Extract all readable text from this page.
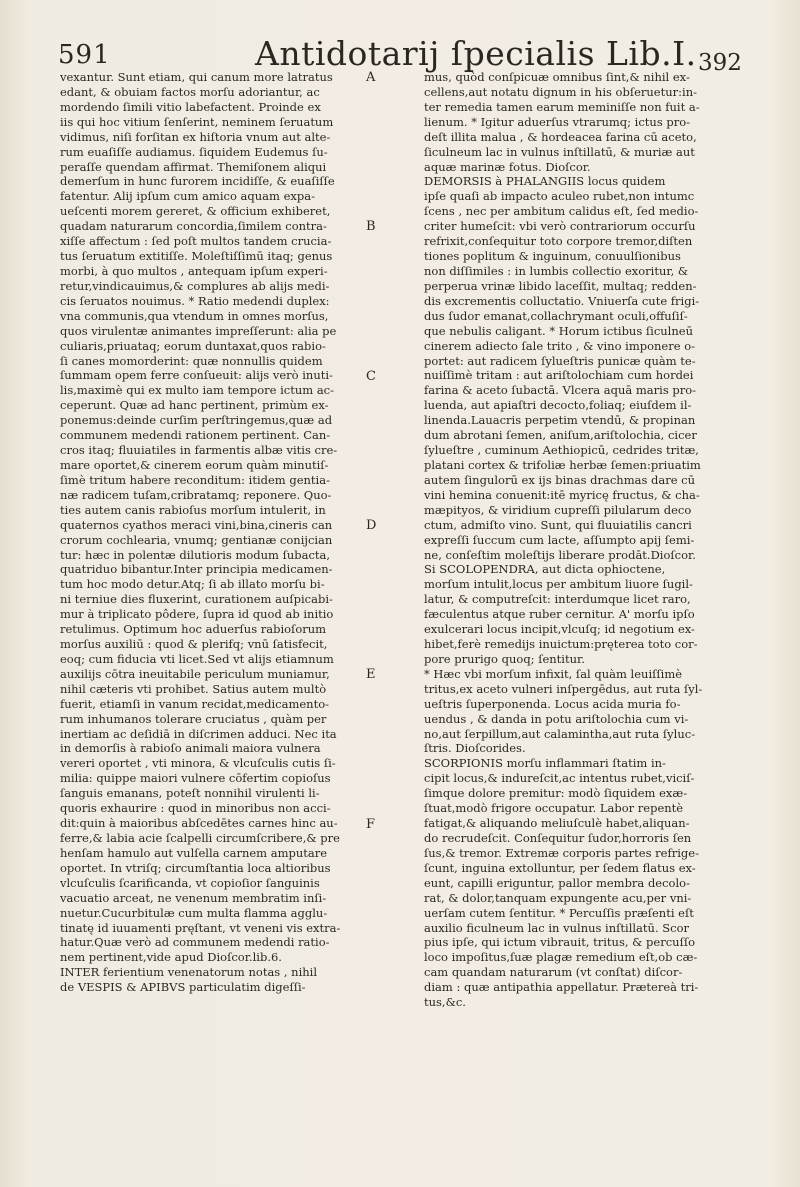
591	Antidotarij ſpecialis Lib.I. 392
vexantur. Sunt etiam, qui canum more latratus
edant, & obuiam factos morſu adoriantur, ac
mordendo ſimili vitio labefactent. Proinde ex
iis qui hoc vitium ſenſerint, neminem ſeruatum
vidimus, niſi forſitan ex hiſtoria vnum aut alte-
rum euaſiſſe audiamus. ſiquidem Eudemus ſu-
peraſſe quendam affirmat. Themiſonem aliqui
demerſum in hunc furorem incidiſſe, & euaſiſſe
fatentur. Alij ipſum cum amico aquam expa-
ueſcenti morem gereret, & officium exhiberet,
quadam naturarum concordia,ſimilem contra-
xiſſe affectum : ſed poſt multos tandem crucia-
tus ſeruatum extitiſſe. Moleſtiſſimū itaq; genus
morbi, à quo multos , antequam ipſum experi-
retur,vindicauimus,& complures ab alijs medi-
cis ſeruatos nouimus. * Ratio medendi duplex:
vna communis,qua vtendum in omnes morſus,
quos virulentæ animantes impreſſerunt: alia pe
culiaris,priuataq; eorum duntaxat,quos rabio-
ſi canes momorderint: quæ nonnullis quidem
ſummam opem ferre conſueuit: alijs verò inuti-
lis,maximè qui ex multo iam tempore ictum ac-
ceperunt. Quæ ad hanc pertinent, primùm ex-
ponemus:deinde curſim perſtringemus,quæ ad
communem medendi rationem pertinent. Can-
cros itaq; fluuiatiles in farmentis albæ vitis cre-
mare oportet,& cinerem eorum quàm minutiſ-
ſimè tritum habere reconditum: itidem gentia-
næ radicem tuſam,cribratamq; reponere. Quo-
ties autem canis rabioſus morſum intulerit, in
quaternos cyathos meraci vini,bina,cineris can
crorum cochlearia, vnumq; gentianæ conijcian
tur: hæc in polentæ dilutioris modum ſubacta,
quatriduo bibantur.Inter principia medicamen-
tum hoc modo detur.Atq; ſi ab illato morſu bi-
ni terniue dies fluxerint, curationem auſpicabi-
mur à triplicato pôdere, ſupra id quod ab initio
retulimus. Optimum hoc aduerſus rabioſorum
morſus auxiliū : quod & plerifq; vnū ſatisfecit,
eoq; cum fiducia vti licet.Sed vt alijs etiamnum
auxilijs cōtra ineuitabile periculum muniamur,
nihil cæteris vti prohibet. Satius autem multò
fuerit, etiamſi in vanum recidat,medicamento-
rum inhumanos tolerare cruciatus , quàm per
inertiam ac deſidiā in diſcrimen adduci. Nec ita
in demorſis à rabioſo animali maiora vulnera
vereri oportet , vti minora, & vlcuſculis cutis ſi-
milia: quippe maiori vulnere cōfertim copioſus
ſanguis emanans, poteſt nonnihil virulenti li-
quoris exhaurire : quod in minoribus non acci-
dit:quin à maioribus abſcedētes carnes hinc au-
ferre,& labia acie ſcalpelli circumſcribere,& pre
henſam hamulo aut vulſella carnem amputare
oportet. In vtriſq; circumſtantia loca altioribus
vlcuſculis ſcarificanda, vt copioſior ſanguinis
vacuatio arceat, ne venenum membratim inſi-
nuetur.Cucurbitulæ cum multa flamma agglu-
tinatę id iuuamenti pręſtant, vt veneni vis extra-
hatur.Quæ verò ad communem medendi ratio-
nem pertinent,vide apud Dioſcor.lib.6.
INTER ferientium venenatorum notas , nihil
de VESPIS & APIBVS particulatim digeſſi-
A
B
C
D
E
F
mus, quòd conſpicuæ omnibus ſint,& nihil ex-
cellens,aut notatu dignum in his obſeruetur:in-
ter remedia tamen earum meminiſſe non fuit a-
lienum. * Igitur aduerſus vtrarumq; ictus pro-
deſt illita malua , & hordeacea farina cū aceto,
ſiculneum lac in vulnus inſtillatū, & muriæ aut
aquæ marinæ fotus. Dioſcor.
DEMORSIS à PHALANGIIS locus quidem
ipſe quaſi ab impacto aculeo rubet,non intumc
ſcens , nec per ambitum calidus eſt, ſed medio-
criter humeſcit: vbi verò contrariorum occurſu
refrixit,conſequitur toto corpore tremor,diſten
tiones poplitum & inguinum, conuulſionibus
non diſſimiles : in lumbis collectio exoritur, &
perperua vrinæ libido laceſſit, multaq; redden-
dis excrementis colluctatio. Vniuerſa cute frigi-
dus ſudor emanat,collachrymant oculi,offuſiſ-
que nebulis caligant. * Horum ictibus ſiculneū
cinerem adiecto ſale trito , & vino imponere o-
portet: aut radicem ſylueſtris punicæ quàm te-
nuiſſimè tritam : aut ariſtolochiam cum hordei
farina & aceto ſubactā. Vlcera aquā maris pro-
luenda, aut apiaſtri decocto,foliaq; eiuſdem il-
linenda.Lauacris perpetim vtendū, & propinan
dum abrotani ſemen, aniſum,ariſtolochia, cicer
ſylueſtre , cuminum Aethiopicū, cedrides tritæ,
platani cortex & trifoliæ herbæ ſemen:priuatim
autem ſingulorū ex ijs binas drachmas dare cū
vini hemina conuenit:itē myricę fructus, & cha-
mæpityos, & viridium cupreſſi pilularum deco
ctum, admiſto vino. Sunt, qui fluuiatilis cancri
expreſſi ſuccum cum lacte, aſſumpto apij ſemi-
ne, conſeſtim moleſtijs liberare prodāt.Dioſcor.
Si SCOLOPENDRA, aut dicta ophioctene,
morſum intulit,locus per ambitum liuore ſugil-
latur, & computreſcit: interdumque licet raro,
fæculentus atque ruber cernitur. A' morſu ipſo
exulcerari locus incipit,vlcuſq; id negotium ex-
hibet,ferè remedijs inuictum:pręterea toto cor-
pore prurigo quoq; ſentitur.
* Hæc vbi morſum infixit, ſal quàm leuiſſimè
tritus,ex aceto vulneri inſpergēdus, aut ruta ſyl-
ueſtris ſuperponenda. Locus acida muria fo-
uendus , & danda in potu ariſtolochia cum vi-
no,aut ſerpillum,aut calamintha,aut ruta ſyluc-
ſtris. Dioſcorides.
SCORPIONIS morſu inflammari ſtatim in-
cipit locus,& indureſcit,ac intentus rubet,viciſ-
ſimque dolore premitur: modò ſiquidem exæ-
ſtuat,modò frigore occupatur. Labor repentè
fatigat,& aliquando meliuſculè habet,aliquan-
do recrudeſcit. Conſequitur ſudor,horroris ſen
ſus,& tremor. Extremæ corporis partes refrige-
ſcunt, inguina extolluntur, per ſedem flatus ex-
eunt, capilli eriguntur, pallor membra decolo-
rat, & dolor,tanquam expungente acu,per vni-
uerſam cutem ſentitur. * Percuſſis præſenti eſt
auxilio ficulneum lac in vulnus inſtillatū. Scor
pius ipſe, qui ictum vibrauit, tritus, & percuſſo
loco impoſitus,ſuæ plagæ remedium eſt,ob cæ-
cam quandam naturarum (vt conſtat) diſcor-
diam : quæ antipathia appellatur. Prætereà tri-
tus,&c.
